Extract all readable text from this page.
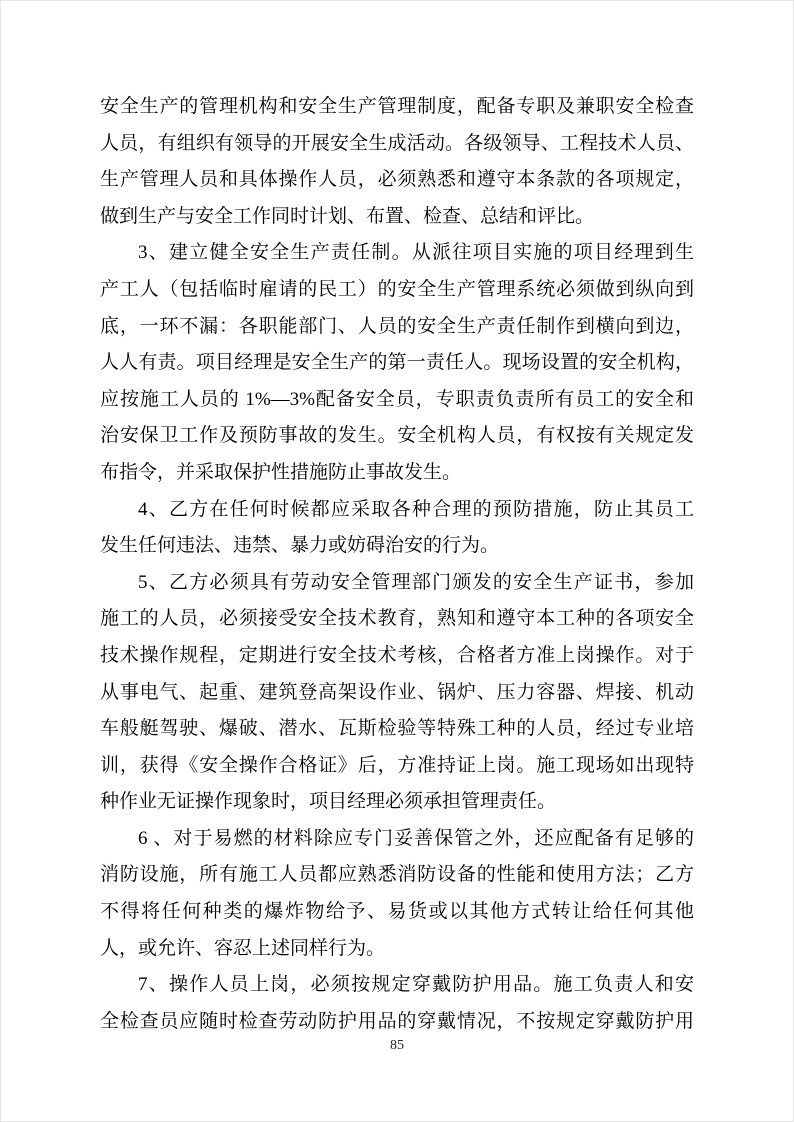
安全生产的管理机构和安全生产管理制度，配备专职及兼职安全检查
人员，有组织有领导的开展安全生成活动。各级领导、工程技术人员、
生产管理人员和具体操作人员，必须熟悉和遵守本条款的各项规定，
做到生产与安全工作同时计划、布置、检查、总结和评比。
3、建立健全安全生产责任制。从派往项目实施的项目经理到生
产工人（包括临时雇请的民工）的安全生产管理系统必须做到纵向到
底，一环不漏：各职能部门、人员的安全生产责任制作到横向到边，
人人有责。项目经理是安全生产的第一责任人。现场设置的安全机构，
应按施工人员的 1%—3%配备安全员，专职责负责所有员工的安全和
治安保卫工作及预防事故的发生。安全机构人员，有权按有关规定发
布指令，并采取保护性措施防止事故发生。
4、乙方在任何时候都应采取各种合理的预防措施，防止其员工
发生任何违法、违禁、暴力或妨碍治安的行为。
5、乙方必须具有劳动安全管理部门颁发的安全生产证书，参加
施工的人员，必须接受安全技术教育，熟知和遵守本工种的各项安全
技术操作规程，定期进行安全技术考核，合格者方准上岗操作。对于
从事电气、起重、建筑登高架设作业、锅炉、压力容器、焊接、机动
车般艇驾驶、爆破、潜水、瓦斯检验等特殊工种的人员，经过专业培
训，获得《安全操作合格证》后，方准持证上岗。施工现场如出现特
种作业无证操作现象时，项目经理必须承担管理责任。
6 、对于易燃的材料除应专门妥善保管之外，还应配备有足够的
消防设施，所有施工人员都应熟悉消防设备的性能和使用方法；乙方
不得将任何种类的爆炸物给予、易货或以其他方式转让给任何其他
人，或允许、容忍上述同样行为。
7、操作人员上岗，必须按规定穿戴防护用品。施工负责人和安
全检查员应随时检查劳动防护用品的穿戴情况，不按规定穿戴防护用
85
